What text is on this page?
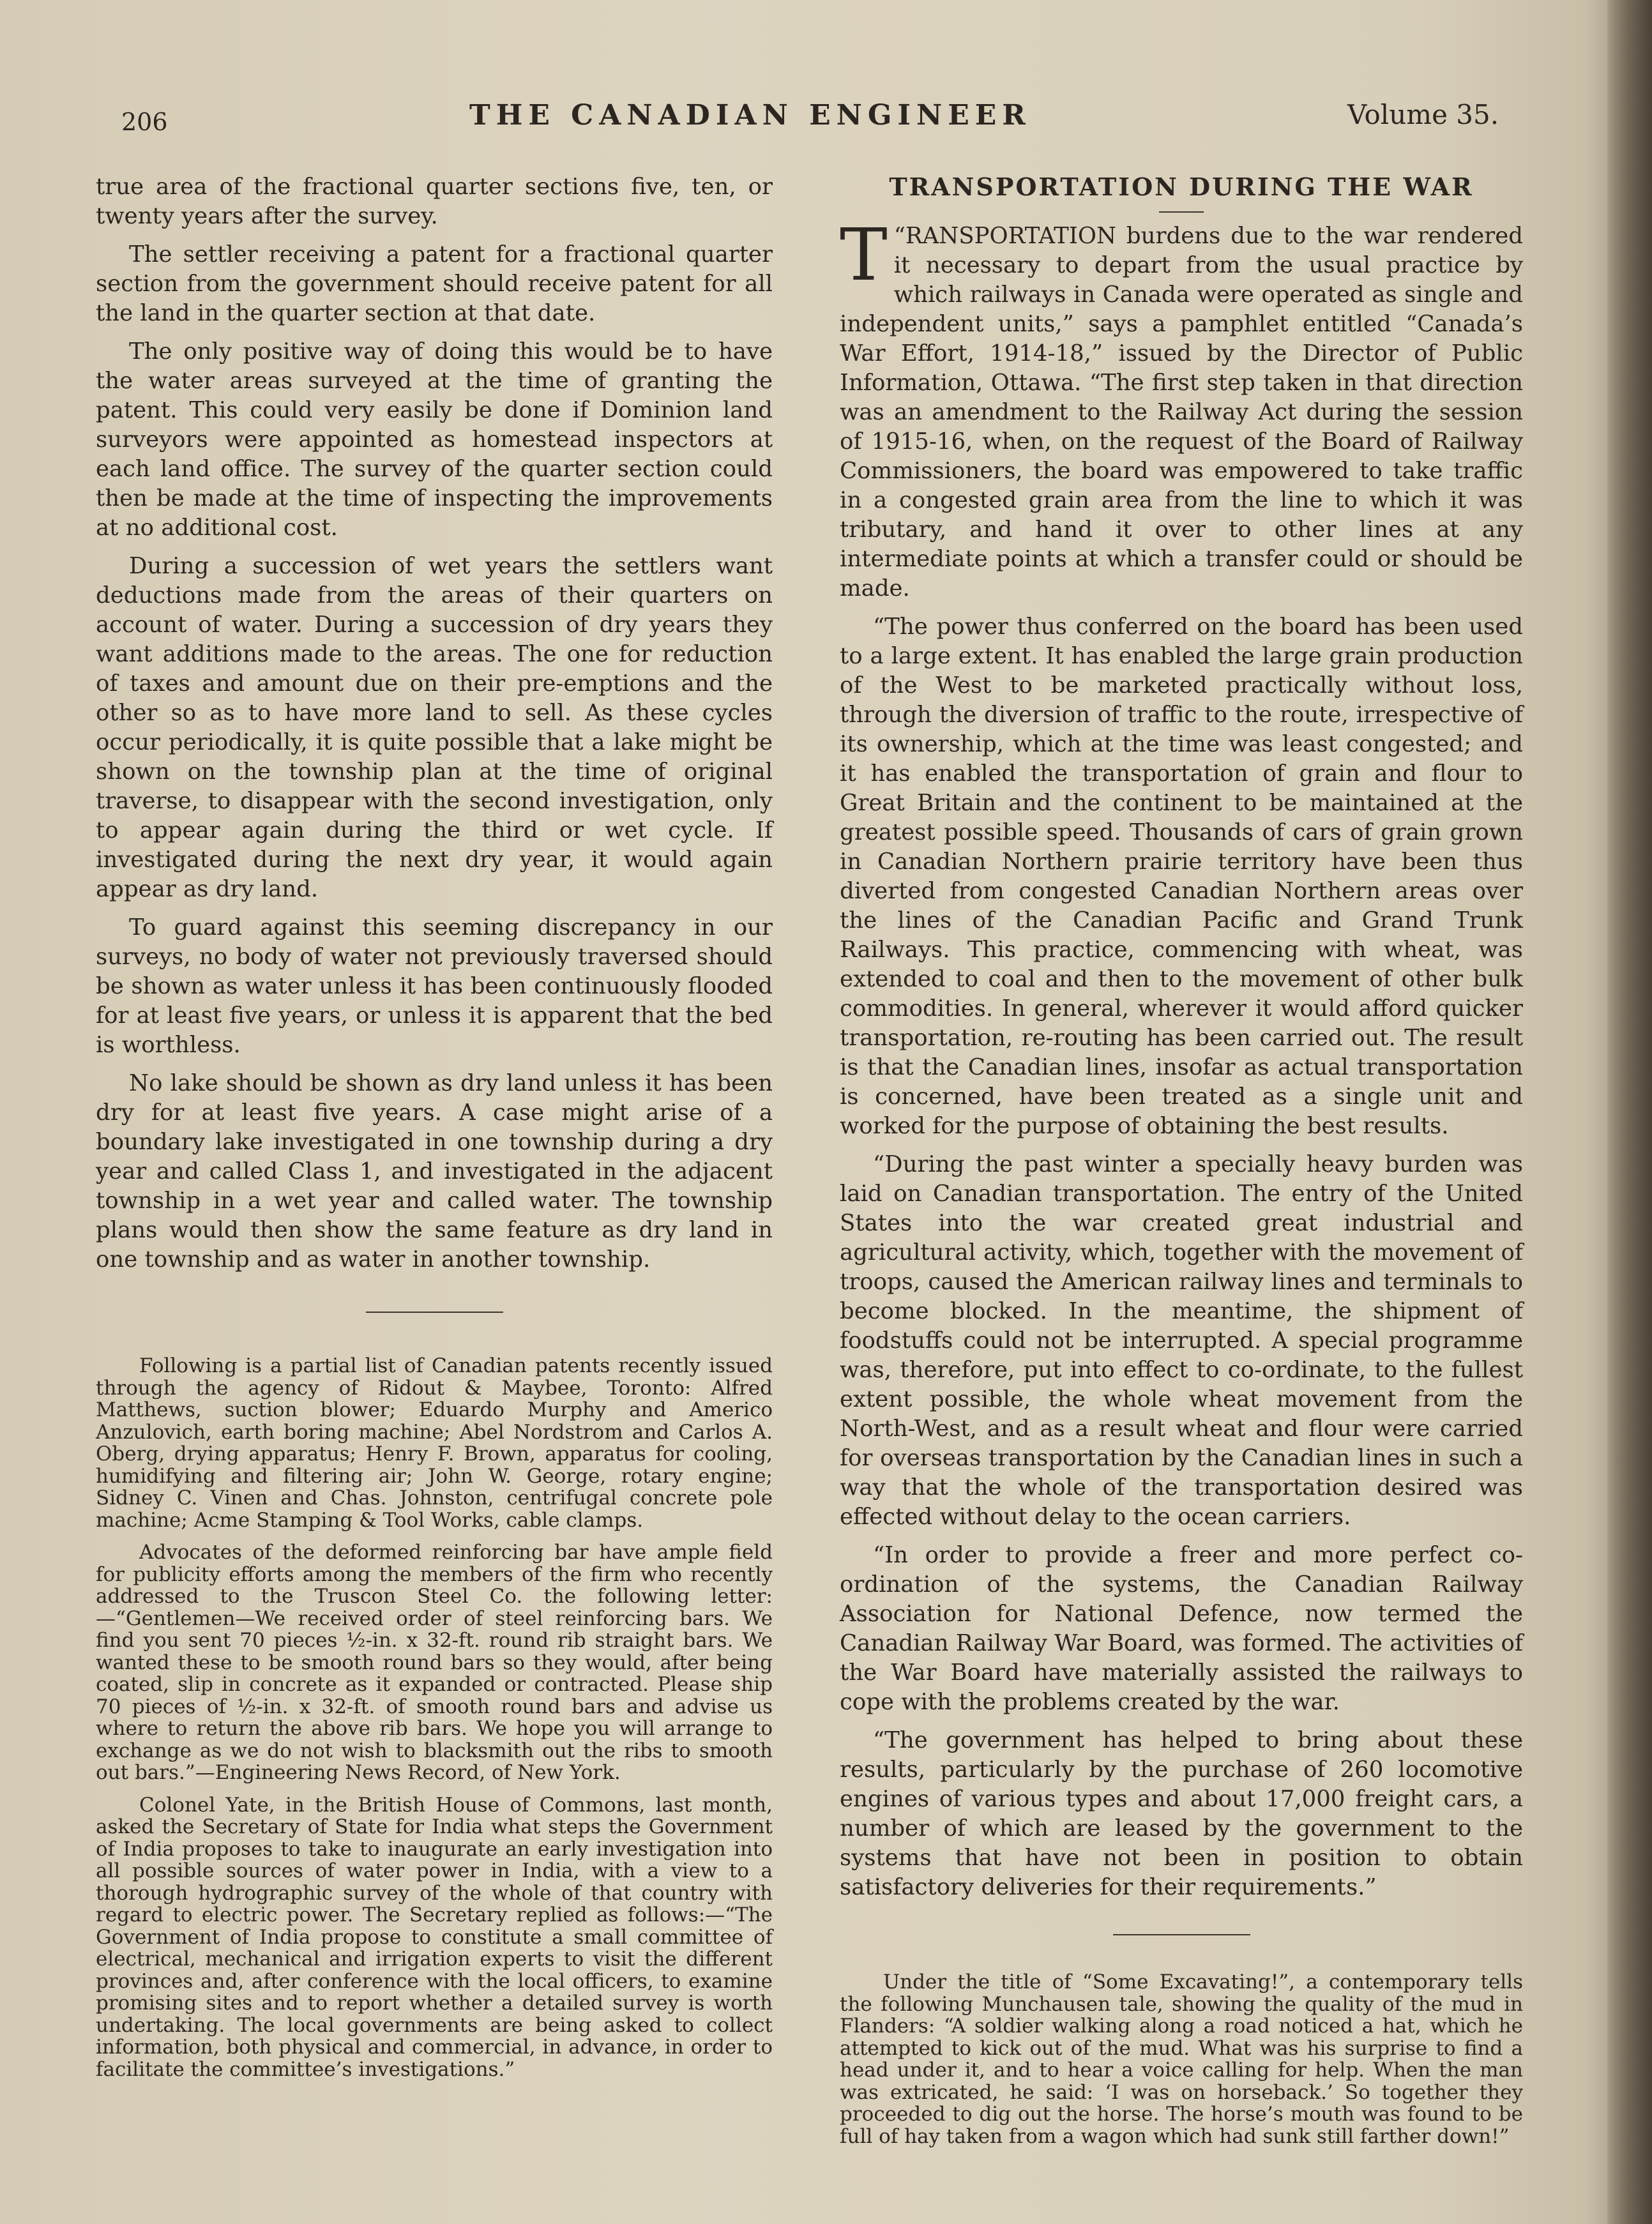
206	THE CANADIAN ENGINEER	Volume 35.

true area of the fractional quarter sections five, ten, or twenty years after the survey.

The settler receiving a patent for a fractional quarter section from the government should receive patent for all the land in the quarter section at that date.

The only positive way of doing this would be to have the water areas surveyed at the time of granting the patent. This could very easily be done if Dominion land surveyors were appointed as homestead inspectors at each land office. The survey of the quarter section could then be made at the time of inspecting the improvements at no additional cost.

During a succession of wet years the settlers want deductions made from the areas of their quarters on account of water. During a succession of dry years they want additions made to the areas. The one for reduction of taxes and amount due on their pre-emptions and the other so as to have more land to sell. As these cycles occur periodically, it is quite possible that a lake might be shown on the township plan at the time of original traverse, to disappear with the second investigation, only to appear again during the third or wet cycle. If investigated during the next dry year, it would again appear as dry land.

To guard against this seeming discrepancy in our surveys, no body of water not previously traversed should be shown as water unless it has been continuously flooded for at least five years, or unless it is apparent that the bed is worthless.

No lake should be shown as dry land unless it has been dry for at least five years. A case might arise of a boundary lake investigated in one township during a dry year and called Class 1, and investigated in the adjacent township in a wet year and called water. The township plans would then show the same feature as dry land in one township and as water in another township.

Following is a partial list of Canadian patents recently issued through the agency of Ridout & Maybee, Toronto: Alfred Matthews, suction blower; Eduardo Murphy and Americo Anzulovich, earth boring machine; Abel Nordstrom and Carlos A. Oberg, drying apparatus; Henry F. Brown, apparatus for cooling, humidifying and filtering air; John W. George, rotary engine; Sidney C. Vinen and Chas. Johnston, centrifugal concrete pole machine; Acme Stamping & Tool Works, cable clamps.

Advocates of the deformed reinforcing bar have ample field for publicity efforts among the members of the firm who recently addressed to the Truscon Steel Co. the following letter:—“Gentlemen—We received order of steel reinforcing bars. We find you sent 70 pieces ½-in. x 32-ft. round rib straight bars. We wanted these to be smooth round bars so they would, after being coated, slip in concrete as it expanded or contracted. Please ship 70 pieces of ½-in. x 32-ft. of smooth round bars and advise us where to return the above rib bars. We hope you will arrange to exchange as we do not wish to blacksmith out the ribs to smooth out bars.”—Engineering News Record, of New York.

Colonel Yate, in the British House of Commons, last month, asked the Secretary of State for India what steps the Government of India proposes to take to inaugurate an early investigation into all possible sources of water power in India, with a view to a thorough hydrographic survey of the whole of that country with regard to electric power. The Secretary replied as follows:—“The Government of India propose to constitute a small committee of electrical, mechanical and irrigation experts to visit the different provinces and, after conference with the local officers, to examine promising sites and to report whether a detailed survey is worth undertaking. The local governments are being asked to collect information, both physical and commercial, in advance, in order to facilitate the committee’s investigations.”

TRANSPORTATION DURING THE WAR

“
T RANSPORTATION burdens due to the war rendered it necessary to depart from the usual practice by which railways in Canada were operated as single and independent units,” says a pamphlet entitled “Canada’s War Effort, 1914-18,” issued by the Director of Public Information, Ottawa. “The first step taken in that direction was an amendment to the Railway Act during the session of 1915-16, when, on the request of the Board of Railway Commissioners, the board was empowered to take traffic in a congested grain area from the line to which it was tributary, and hand it over to other lines at any intermediate points at which a transfer could or should be made.

“The power thus conferred on the board has been used to a large extent. It has enabled the large grain production of the West to be marketed practically without loss, through the diversion of traffic to the route, irrespective of its ownership, which at the time was least congested; and it has enabled the transportation of grain and flour to Great Britain and the continent to be maintained at the greatest possible speed. Thousands of cars of grain grown in Canadian Northern prairie territory have been thus diverted from congested Canadian Northern areas over the lines of the Canadian Pacific and Grand Trunk Railways. This practice, commencing with wheat, was extended to coal and then to the movement of other bulk commodities. In general, wherever it would afford quicker transportation, re-routing has been carried out. The result is that the Canadian lines, insofar as actual transportation is concerned, have been treated as a single unit and worked for the purpose of obtaining the best results.

“During the past winter a specially heavy burden was laid on Canadian transportation. The entry of the United States into the war created great industrial and agricultural activity, which, together with the movement of troops, caused the American railway lines and terminals to become blocked. In the meantime, the shipment of foodstuffs could not be interrupted. A special programme was, therefore, put into effect to co-ordinate, to the fullest extent possible, the whole wheat movement from the North-West, and as a result wheat and flour were carried for overseas transportation by the Canadian lines in such a way that the whole of the transportation desired was effected without delay to the ocean carriers.

“In order to provide a freer and more perfect co-ordination of the systems, the Canadian Railway Association for National Defence, now termed the Canadian Railway War Board, was formed. The activities of the War Board have materially assisted the railways to cope with the problems created by the war.

“The government has helped to bring about these results, particularly by the purchase of 260 locomotive engines of various types and about 17,000 freight cars, a number of which are leased by the government to the systems that have not been in position to obtain satisfactory deliveries for their requirements.”

Under the title of “Some Excavating!”, a contemporary tells the following Munchausen tale, showing the quality of the mud in Flanders: “A soldier walking along a road noticed a hat, which he attempted to kick out of the mud. What was his surprise to find a head under it, and to hear a voice calling for help. When the man was extricated, he said: ‘I was on horseback.’ So together they proceeded to dig out the horse. The horse’s mouth was found to be full of hay taken from a wagon which had sunk still farther down!”
